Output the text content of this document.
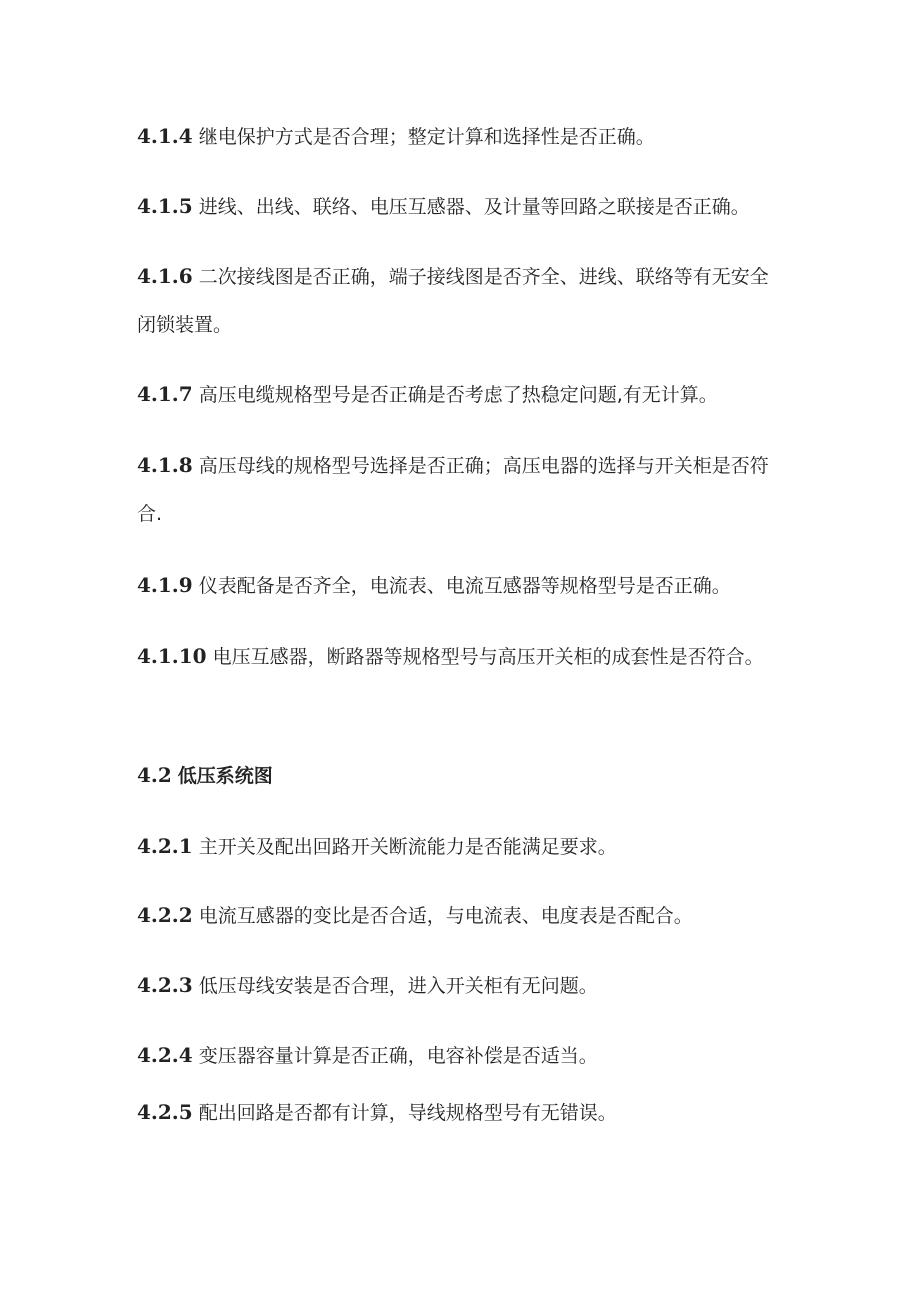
4.1.4 继电保护方式是否合理；整定计算和选择性是否正确。

4.1.5 进线、出线、联络、电压互感器、及计量等回路之联接是否正确。

4.1.6 二次接线图是否正确，端子接线图是否齐全、进线、联络等有无安全闭锁装置。

4.1.7 高压电缆规格型号是否正确是否考虑了热稳定问题,有无计算。

4.1.8 高压母线的规格型号选择是否正确；高压电器的选择与开关柜是否符合.

4.1.9 仪表配备是否齐全，电流表、电流互感器等规格型号是否正确。

4.1.10 电压互感器，断路器等规格型号与高压开关柜的成套性是否符合。

4.2 低压系统图

4.2.1 主开关及配出回路开关断流能力是否能满足要求。

4.2.2 电流互感器的变比是否合适，与电流表、电度表是否配合。

4.2.3 低压母线安装是否合理，进入开关柜有无问题。

4.2.4 变压器容量计算是否正确，电容补偿是否适当。

4.2.5 配出回路是否都有计算，导线规格型号有无错误。
